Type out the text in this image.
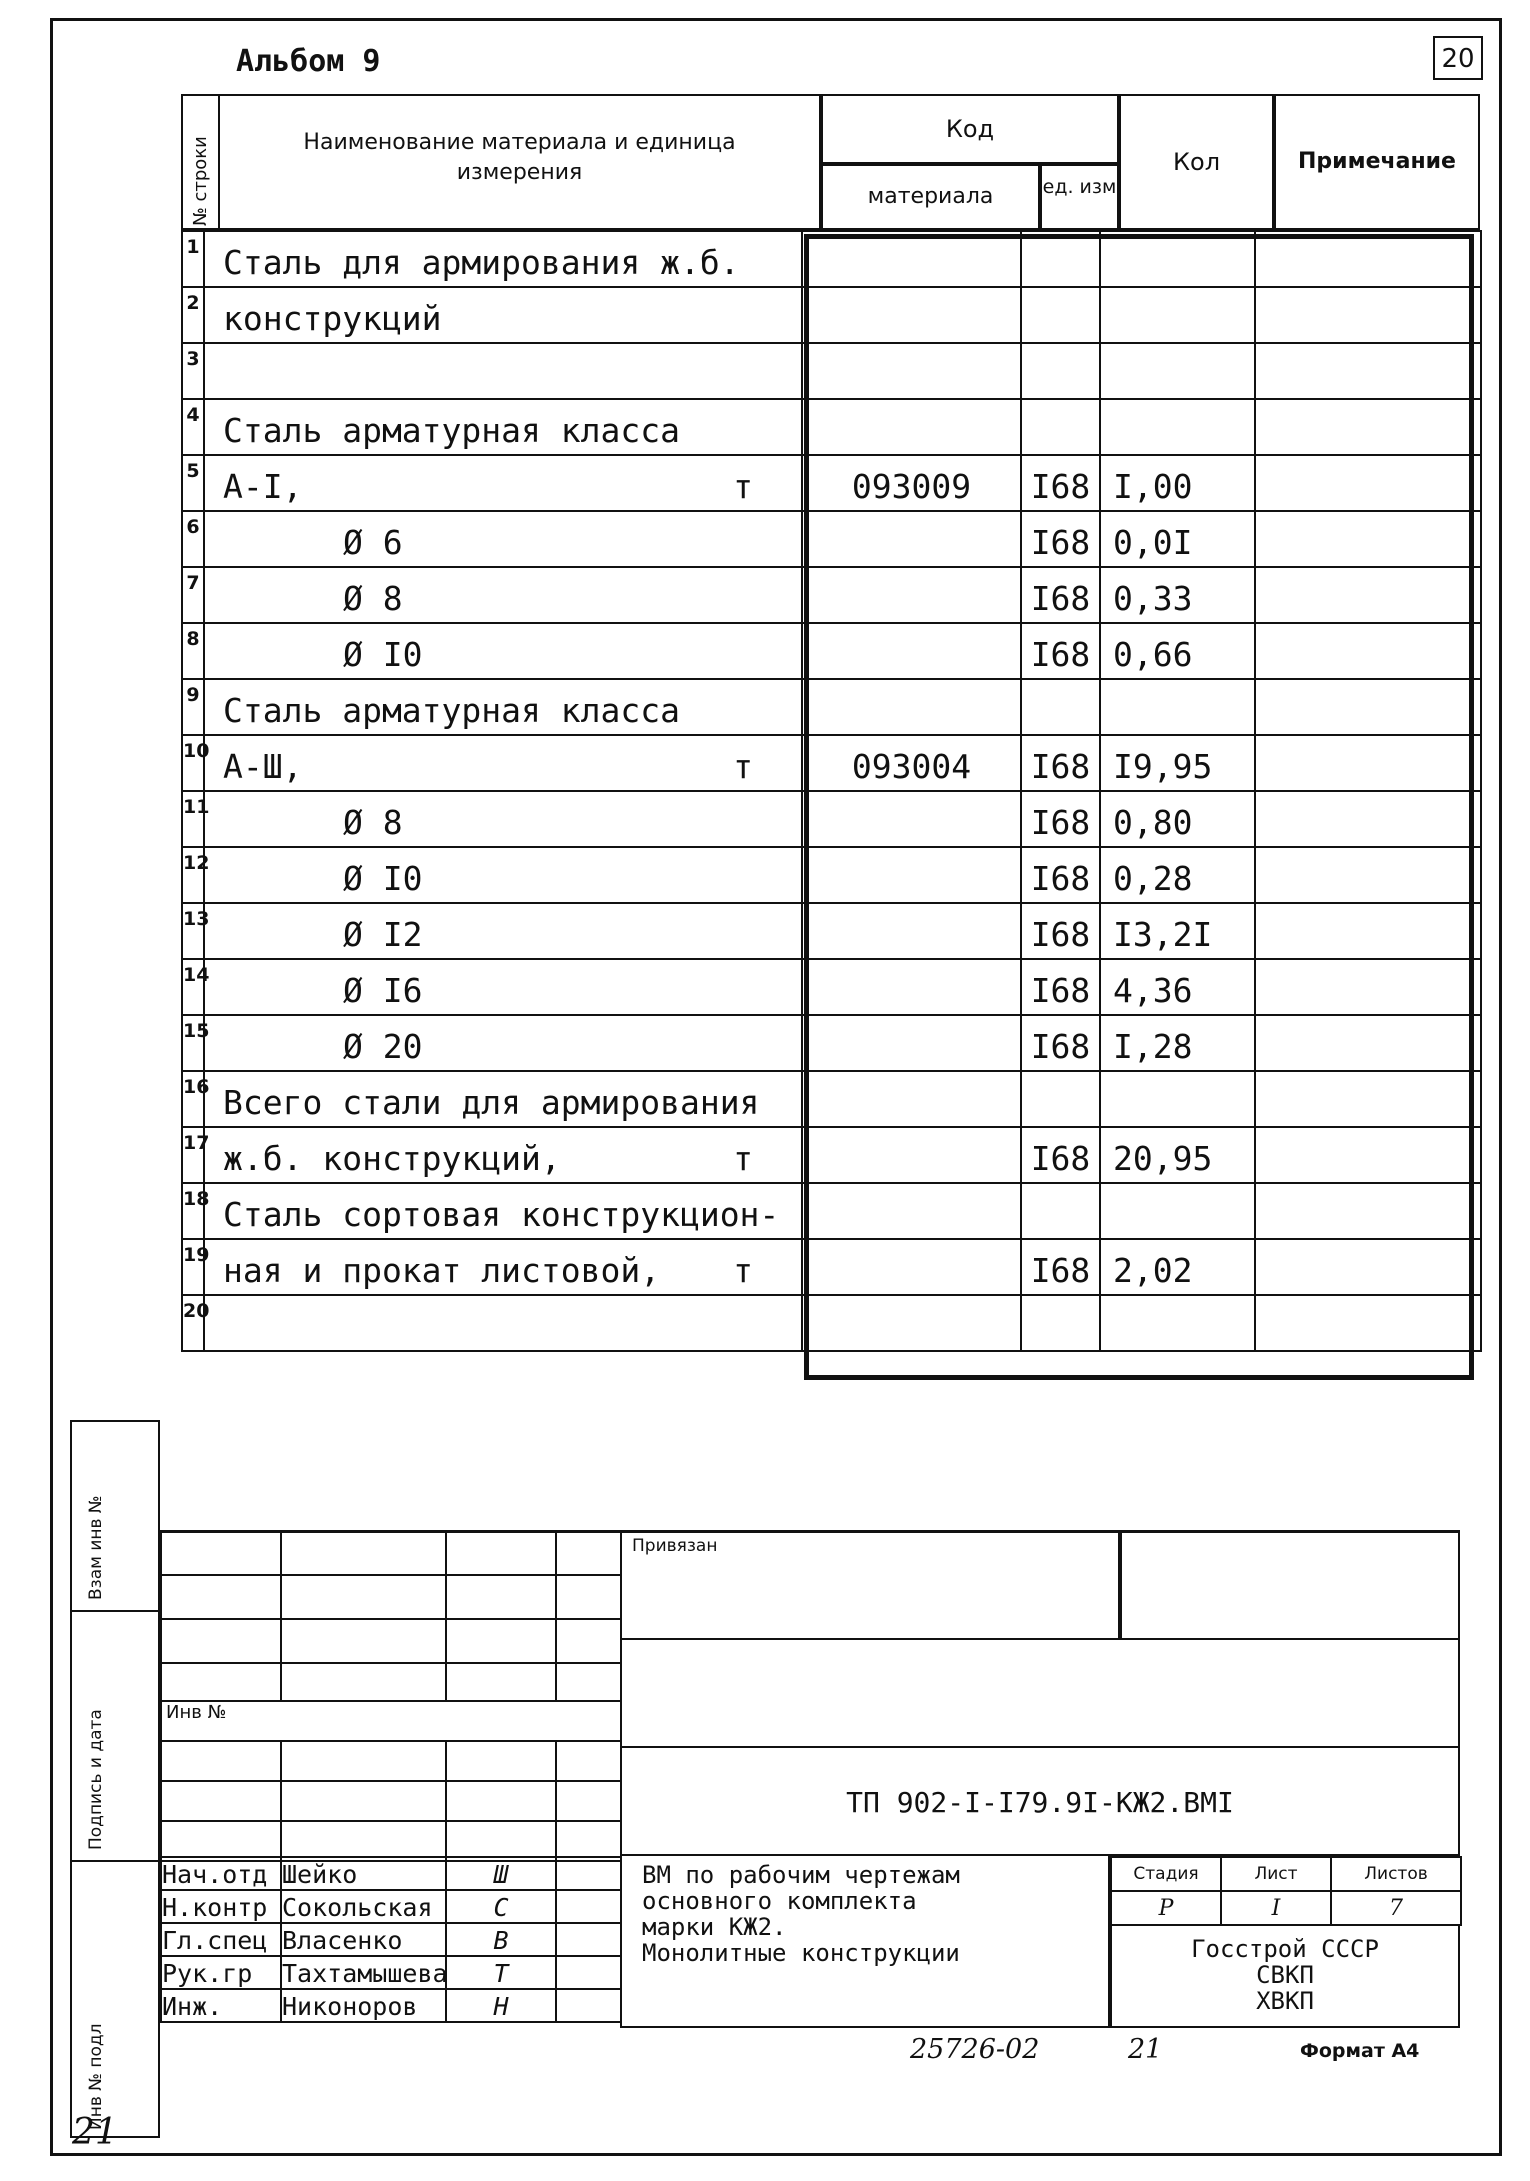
Альбом 9	20
№ строки	Наименование материала и единица измерения
Код
материала	ед. изм
Кол	Примечание
1	Сталь для армирования ж.б.				
2	конструкций				
3					
4	Сталь арматурная класса				
5	А-I, т	093009	I68	I,00	
6	Ø 6		I68	0,0I	
7	Ø 8		I68	0,33	
8	Ø I0		I68	0,66	
9	Сталь арматурная класса				
10	А-Ш, т	093004	I68	I9,95	
11	Ø 8		I68	0,80	
12	Ø I0		I68	0,28	
13	Ø I2		I68	I3,2I	
14	Ø I6		I68	4,36	
15	Ø 20		I68	I,28	
16	Всего стали для армирования				
17	ж.б. конструкций, т		I68	20,95	
18	Сталь сортовая конструкцион-				
19	ная и прокат листовой, т		I68	2,02	
20					
Взам инв №
Подпись и дата
Инв № подл

Инв №			

Привязан
ТП 902-I-I79.9I-КЖ2.ВМI
Нач.отд	Шейко	Ш	
Н.контр	Сокольская	С	
Гл.спец	Власенко	В	
Рук.гр	Тахтамышева	Т	
Инж.	Никоноров	Н	
ВМ по рабочим чертежам
основного комплекта
марки КЖ2.
Монолитные конструкции
Стадия	Лист	Листов
Р	I	7
Госстрой СССР
СВКП
ХВКП
25726-02	21	Формат А4
21
